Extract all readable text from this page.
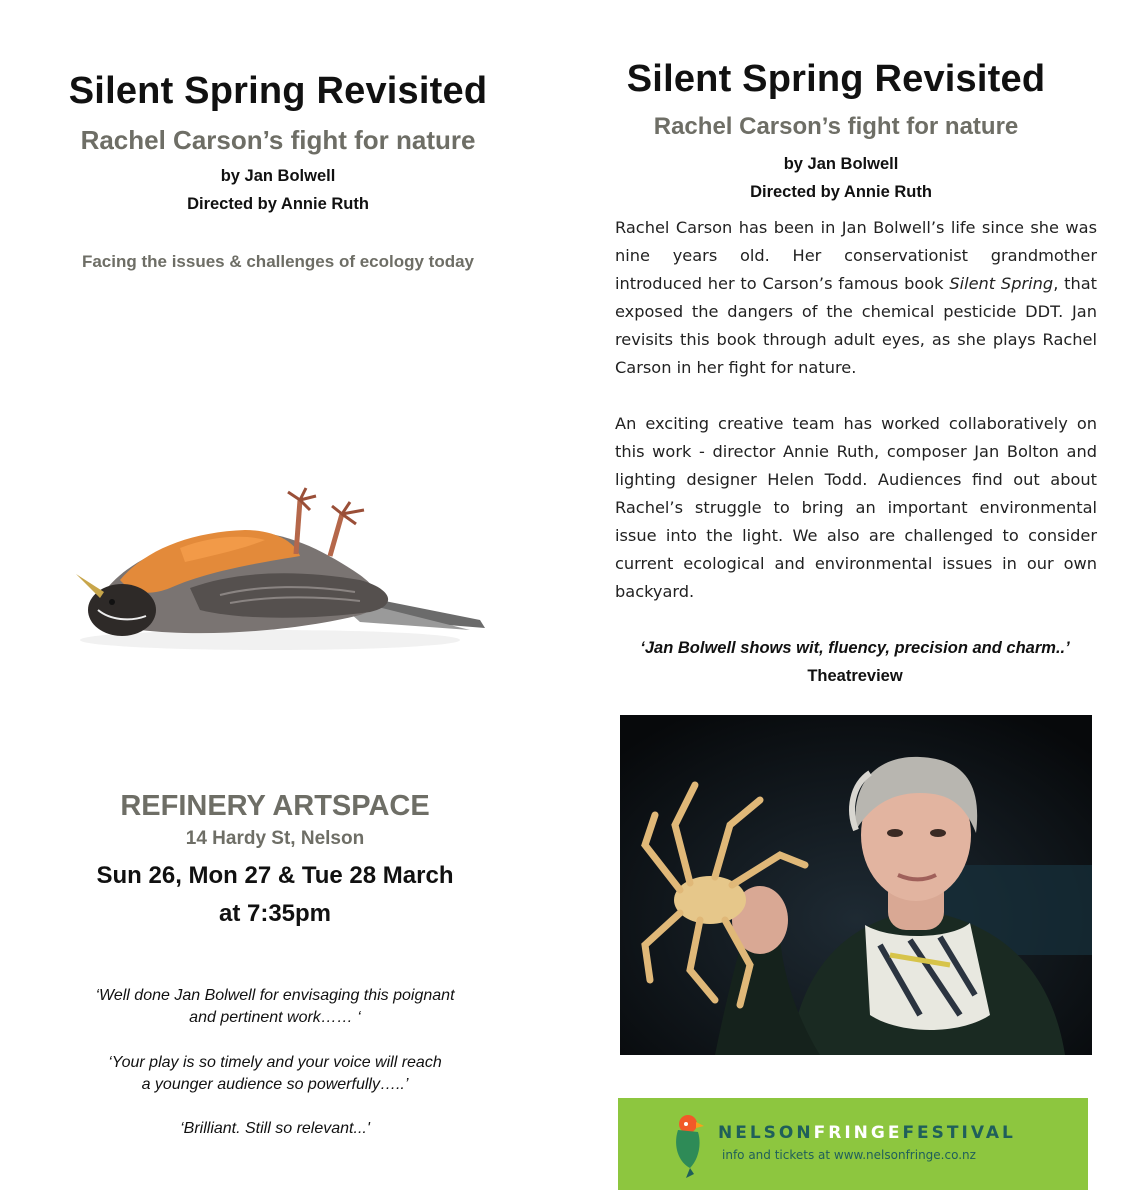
Silent Spring Revisited
Rachel Carson’s fight for nature
by Jan Bolwell
Directed by Annie Ruth
Facing the issues & challenges of ecology today
REFINERY ARTSPACE
14 Hardy St, Nelson
Sun 26, Mon 27 & Tue 28 March
at 7:35pm
‘Well done Jan Bolwell for envisaging this poignant
and pertinent work…… ‘
‘Your play is so timely and your voice will reach
a younger audience so powerfully…..’
‘Brilliant. Still so relevant...'
Silent Spring Revisited
Rachel Carson’s fight for nature
by Jan Bolwell
Directed by Annie Ruth

Rachel Carson has been in Jan Bolwell’s life since she was nine years old. Her conservationist grandmother introduced her to Carson’s famous book Silent Spring, that exposed the dangers of the chemical pesticide DDT. Jan revisits this book through adult eyes, as she plays Rachel Carson in her fight for nature.

An exciting creative team has worked collaboratively on this work - director Annie Ruth, composer Jan Bolton and lighting designer Helen Todd. Audiences find out about Rachel’s struggle to bring an important environmental issue into the light. We also are challenged to consider current ecological and environmental issues in our own backyard.

‘Jan Bolwell shows wit, fluency, precision and charm..’
Theatreview
NELSONFRINGEFESTIVAL
info and tickets at www.nelsonfringe.co.nz
